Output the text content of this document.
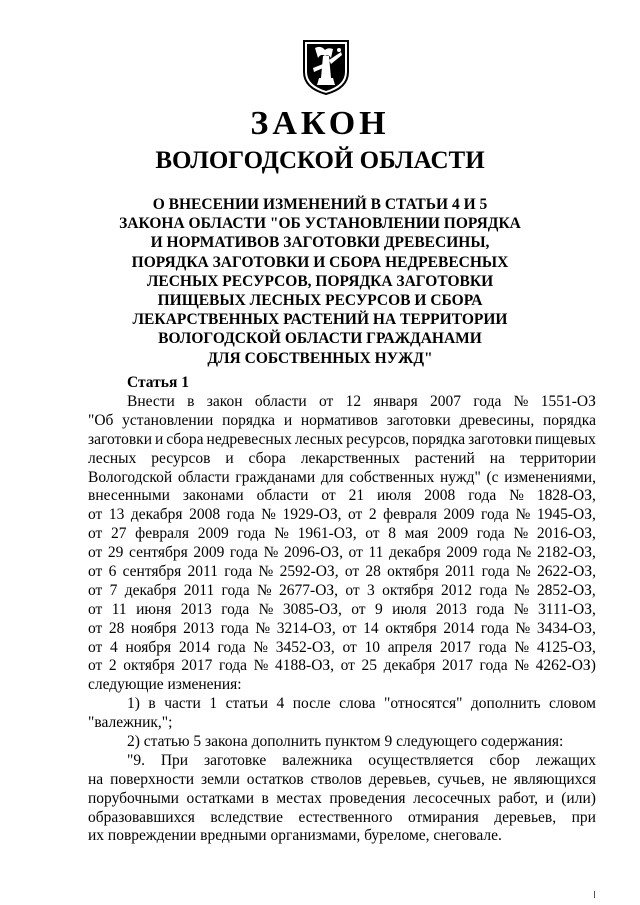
ЗАКОН
ВОЛОГОДСКОЙ ОБЛАСТИ
О ВНЕСЕНИИ ИЗМЕНЕНИЙ В СТАТЬИ 4 И 5
ЗАКОНА ОБЛАСТИ "ОБ УСТАНОВЛЕНИИ ПОРЯДКА
И НОРМАТИВОВ ЗАГОТОВКИ ДРЕВЕСИНЫ,
ПОРЯДКА ЗАГОТОВКИ И СБОРА НЕДРЕВЕСНЫХ
ЛЕСНЫХ РЕСУРСОВ, ПОРЯДКА ЗАГОТОВКИ
ПИЩЕВЫХ ЛЕСНЫХ РЕСУРСОВ И СБОРА
ЛЕКАРСТВЕННЫХ РАСТЕНИЙ НА ТЕРРИТОРИИ
ВОЛОГОДСКОЙ ОБЛАСТИ ГРАЖДАНАМИ
ДЛЯ СОБСТВЕННЫХ НУЖД"
Статья 1
Внести в закон области от 12 января 2007 года № 1551-ОЗ
"Об установлении порядка и нормативов заготовки древесины, порядка
заготовки и сбора недревесных лесных ресурсов, порядка заготовки пищевых
лесных ресурсов и сбора лекарственных растений на территории
Вологодской области гражданами для собственных нужд" (с изменениями,
внесенными законами области от 21 июля 2008 года № 1828-ОЗ,
от 13 декабря 2008 года № 1929-ОЗ, от 2 февраля 2009 года № 1945-ОЗ,
от 27 февраля 2009 года № 1961-ОЗ, от 8 мая 2009 года № 2016-ОЗ,
от 29 сентября 2009 года № 2096-ОЗ, от 11 декабря 2009 года № 2182-ОЗ,
от 6 сентября 2011 года № 2592-ОЗ, от 28 октября 2011 года № 2622-ОЗ,
от 7 декабря 2011 года № 2677-ОЗ, от 3 октября 2012 года № 2852-ОЗ,
от 11 июня 2013 года № 3085-ОЗ, от 9 июля 2013 года № 3111-ОЗ,
от 28 ноября 2013 года № 3214-ОЗ, от 14 октября 2014 года № 3434-ОЗ,
от 4 ноября 2014 года № 3452-ОЗ, от 10 апреля 2017 года № 4125-ОЗ,
от 2 октября 2017 года № 4188-ОЗ, от 25 декабря 2017 года № 4262-ОЗ)
следующие изменения:
1) в части 1 статьи 4 после слова "относятся" дополнить словом
"валежник,";
2) статью 5 закона дополнить пунктом 9 следующего содержания:
"9. При заготовке валежника осуществляется сбор лежащих
на поверхности земли остатков стволов деревьев, сучьев, не являющихся
порубочными остатками в местах проведения лесосечных работ, и (или)
образовавшихся вследствие естественного отмирания деревьев, при
их повреждении вредными организмами, буреломе, снеговале.
